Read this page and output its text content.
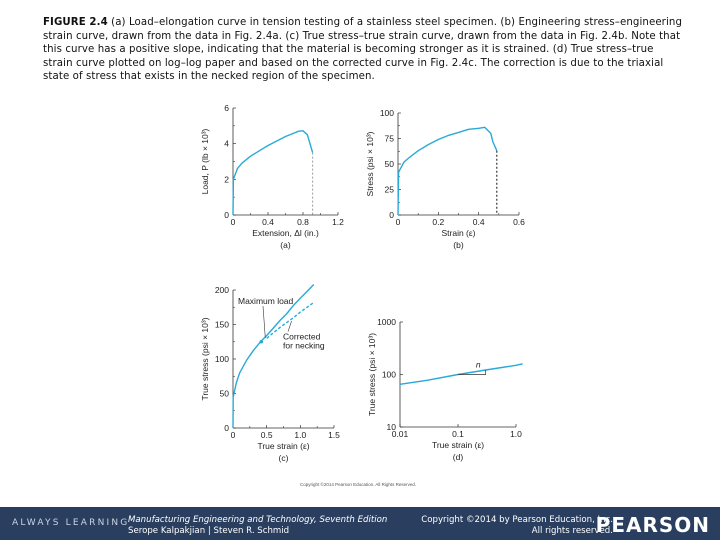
FIGURE 2.4 (a) Load–elongation curve in tension testing of a stainless steel specimen. (b) Engineering stress–engineering strain curve, drawn from the data in Fig. 2.4a. (c) True stress–true strain curve, drawn from the data in Fig. 2.4b. Note that this curve has a positive slope, indicating that the material is becoming stronger as it is strained. (d) True stress–true strain curve plotted on log–log paper and based on the corrected curve in Fig. 2.4c. The correction is due to the triaxial state of stress that exists in the necked region of the specimen.
0	0.4	0.8	1.2
0
2
4
6
Extension, Δl (in.)
Load, P (lb × 10³)
(a)
0	0.2	0.4	0.6
0
25
50
75
100
Strain (ε)
Stress (psi × 10³)
(b)
0	0.5	1.0	1.5
0
50
100
150
200
True strain (ε)
True stress (psi × 10³)
(c)
Maximum load
Corrected for necking
0.01	0.1	1.0
10
100
1000
True strain (ε)
True stress (psi × 10³)
(d)
n
Copyright ©2014 Pearson Education. All Rights Reserved.
ALWAYS LEARNING
Manufacturing Engineering and Technology, Seventh Edition
Serope Kalpakjian | Steven R. Schmid
Copyright ©2014 by Pearson Education, Inc.
All rights reserved.
PEARSON
